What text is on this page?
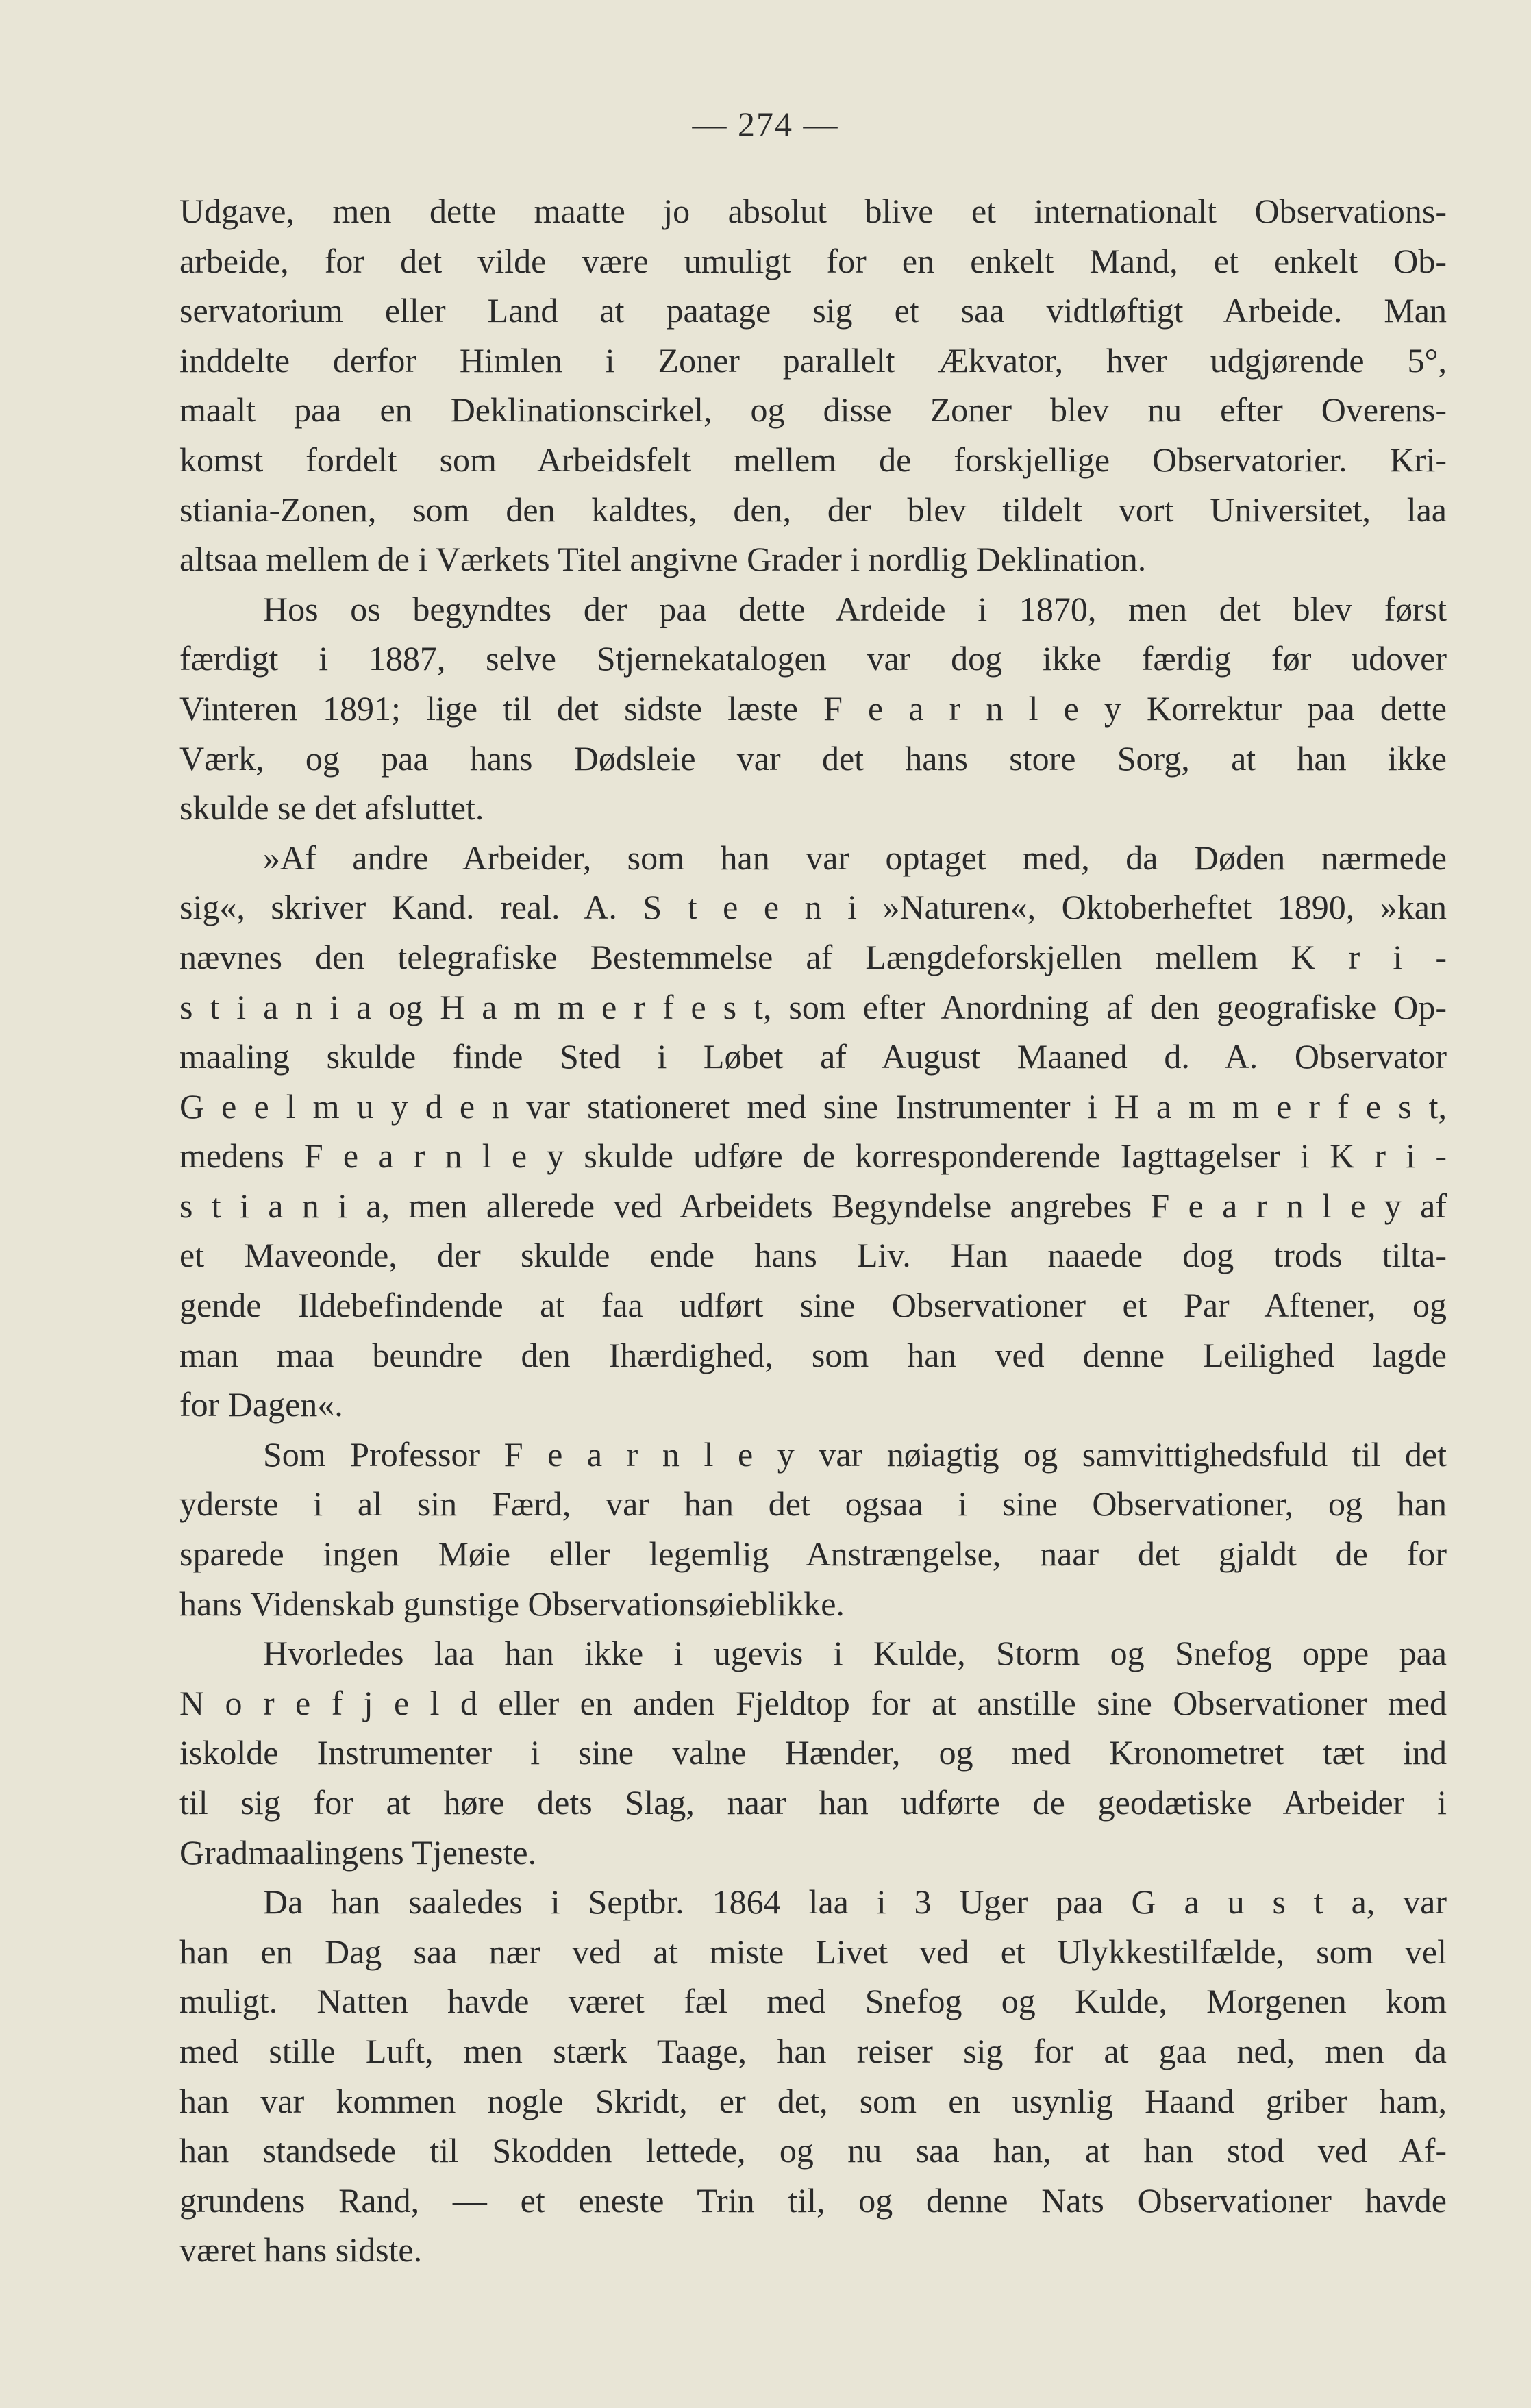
— 274 —
Udgave, men dette maatte jo absolut blive et internationalt Observations-
arbeide, for det vilde være umuligt for en enkelt Mand, et enkelt Ob-
servatorium eller Land at paatage sig et saa vidtløftigt Arbeide. Man
inddelte derfor Himlen i Zoner parallelt Ækvator, hver udgjørende 5°,
maalt paa en Deklinationscirkel, og disse Zoner blev nu efter Overens-
komst fordelt som Arbeidsfelt mellem de forskjellige Observatorier. Kri-
stiania-Zonen, som den kaldtes, den, der blev tildelt vort Universitet, laa
altsaa mellem de i Værkets Titel angivne Grader i nordlig Deklination.
Hos os begyndtes der paa dette Ardeide i 1870, men det blev først
færdigt i 1887, selve Stjernekatalogen var dog ikke færdig før udover
Vinteren 1891; lige til det sidste læste F e a r n l e y Korrektur paa dette
Værk, og paa hans Dødsleie var det hans store Sorg, at han ikke
skulde se det afsluttet.
»Af andre Arbeider, som han var optaget med, da Døden nærmede
sig«, skriver Kand. real. A. S t e e n i »Naturen«, Oktoberheftet 1890, »kan
nævnes den telegrafiske Bestemmelse af Længdeforskjellen mellem K r i -
s t i a n i a og H a m m e r f e s t, som efter Anordning af den geografiske Op-
maaling skulde finde Sted i Løbet af August Maaned d. A. Observator
G e e l m u y d e n var stationeret med sine Instrumenter i H a m m e r f e s t,
medens F e a r n l e y skulde udføre de korresponderende Iagttagelser i K r i -
s t i a n i a, men allerede ved Arbeidets Begyndelse angrebes F e a r n l e y af
et Maveonde, der skulde ende hans Liv. Han naaede dog trods tilta-
gende Ildebefindende at faa udført sine Observationer et Par Aftener, og
man maa beundre den Ihærdighed, som han ved denne Leilighed lagde
for Dagen«.
Som Professor F e a r n l e y var nøiagtig og samvittighedsfuld til det
yderste i al sin Færd, var han det ogsaa i sine Observationer, og han
sparede ingen Møie eller legemlig Anstrængelse, naar det gjaldt de for
hans Videnskab gunstige Observationsøieblikke.
Hvorledes laa han ikke i ugevis i Kulde, Storm og Snefog oppe paa
N o r e f j e l d eller en anden Fjeldtop for at anstille sine Observationer med
iskolde Instrumenter i sine valne Hænder, og med Kronometret tæt ind
til sig for at høre dets Slag, naar han udførte de geodætiske Arbeider i
Gradmaalingens Tjeneste.
Da han saaledes i Septbr. 1864 laa i 3 Uger paa G a u s t a, var
han en Dag saa nær ved at miste Livet ved et Ulykkestilfælde, som vel
muligt. Natten havde været fæl med Snefog og Kulde, Morgenen kom
med stille Luft, men stærk Taage, han reiser sig for at gaa ned, men da
han var kommen nogle Skridt, er det, som en usynlig Haand griber ham,
han standsede til Skodden lettede, og nu saa han, at han stod ved Af-
grundens Rand, — et eneste Trin til, og denne Nats Observationer havde
været hans sidste.
